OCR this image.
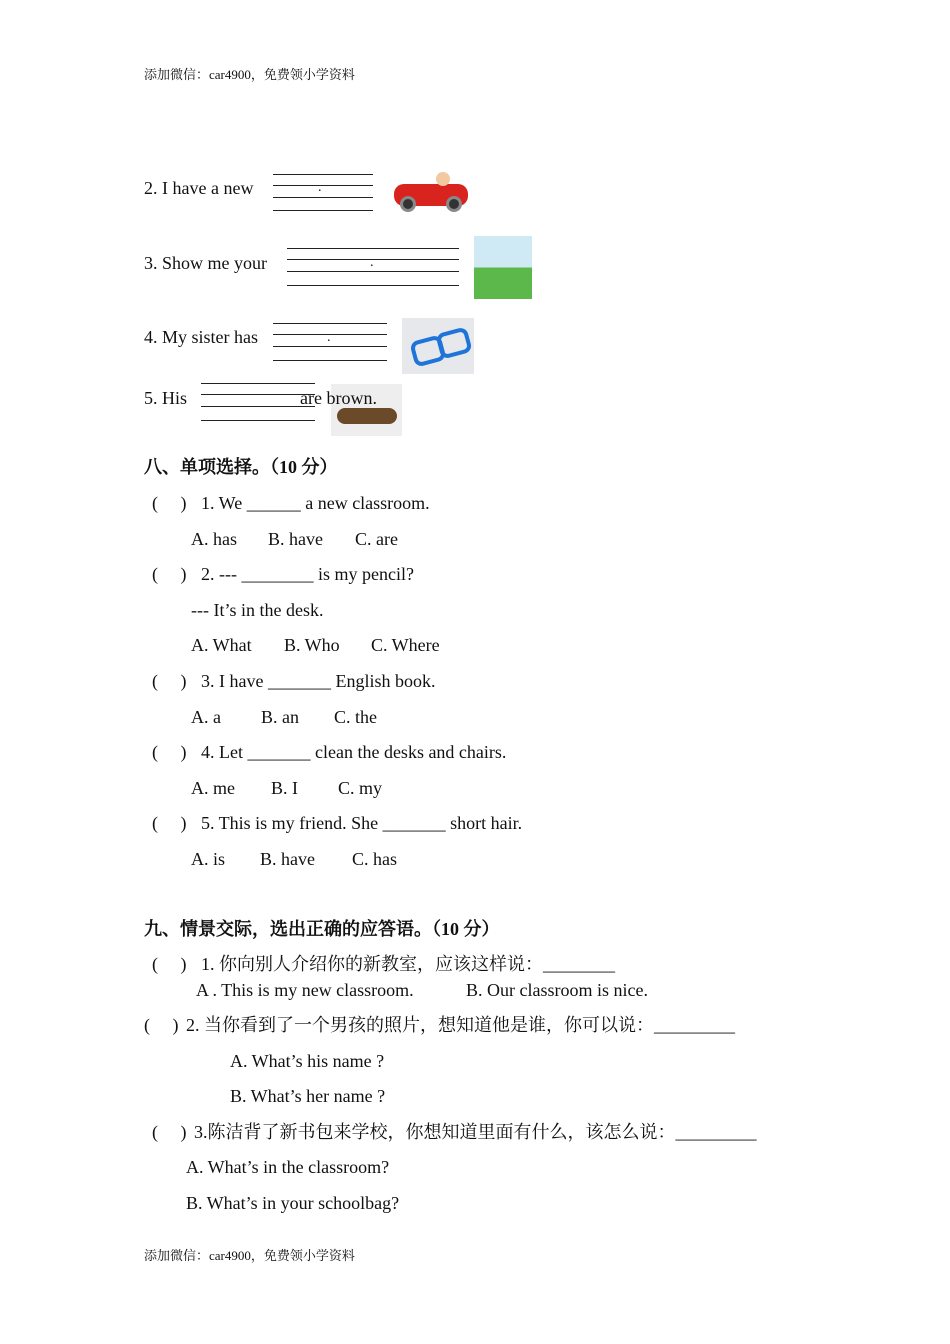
添加微信：car4900，免费领小学资料
2. I have a new	.
3. Show me your	.
4. My sister has	.
5. His	are brown.
八、单项选择。（10 分）
(　 ) 1. We ______ a new classroom.
A. has B. have C. are
(　 ) 2. --- ________ is my pencil?
--- It’s in the desk.
A. What B. Who C. Where
(　 ) 3. I have _______ English book.
A. a B. an C. the
(　 ) 4. Let _______ clean the desks and chairs.
A. me B. I C. my
(　 ) 5. This is my friend. She _______ short hair.
A. is B. have C. has
九、情景交际，选出正确的应答语。（10 分）
(　 ) 1. 你向别人介绍你的新教室，应该这样说：________
A . This is my new classroom.	B. Our classroom is nice.
(　 ) 2. 当你看到了一个男孩的照片，想知道他是谁，你可以说：_________
A. What’s his name ?
B. What’s her name ?
(　 ) 3.陈洁背了新书包来学校，你想知道里面有什么，该怎么说：_________
A. What’s in the classroom?
B. What’s in your schoolbag?
添加微信：car4900，免费领小学资料
